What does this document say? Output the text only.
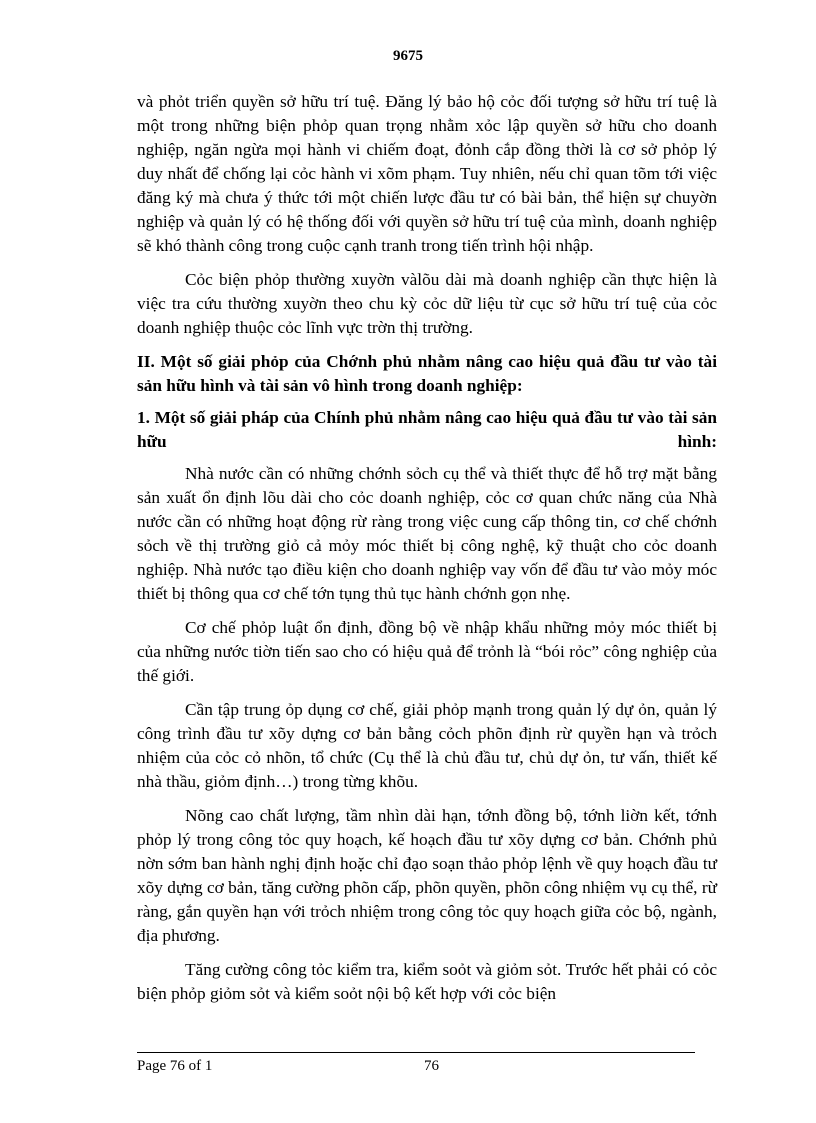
9675

và phỏt triển quyền sở hữu trí tuệ. Đăng lý bảo hộ cỏc đối tượng sở hữu trí tuệ là một trong những biện phỏp quan trọng nhằm xỏc lập quyền sở hữu cho doanh nghiệp, ngăn ngừa mọi hành vi chiếm đoạt, đỏnh cắp đồng thời là cơ sở phỏp lý duy nhất để chống lại cỏc hành vi xõm phạm. Tuy nhiên, nếu chỉ quan tõm tới việc đăng ký mà chưa ý thức tới một chiến lược đầu tư có bài bản, thể hiện sự chuyờn nghiệp và quản lý có hệ thống đối với quyền sở hữu trí tuệ của mình, doanh nghiệp sẽ khó thành công trong cuộc cạnh tranh trong tiến trình hội nhập.

Cỏc biện phỏp thường xuyờn vàlõu dài mà doanh nghiệp cần thực hiện là việc tra cứu thường xuyờn theo chu kỳ cỏc dữ liệu từ cục sở hữu trí tuệ của cỏc doanh nghiệp thuộc cỏc lĩnh vực trờn thị trường.

II. Một số giải phỏp của Chớnh phủ nhằm nâng cao hiệu quả đầu tư vào tài sản hữu hình và tài sản vô hình trong doanh nghiệp:
1. Một số giải pháp của Chính phủ nhằm nâng cao hiệu quả đầu tư vào tài sản hữu hình:

Nhà nước cần có những chớnh sỏch cụ thể và thiết thực để hỗ trợ mặt bằng sản xuất ổn định lõu dài cho cỏc doanh nghiệp, cỏc cơ quan chức năng của Nhà nước cần có những hoạt động rừ ràng trong việc cung cấp thông tin, cơ chế chớnh sỏch về thị trường giỏ cả mỏy móc thiết bị công nghệ, kỹ thuật cho cỏc doanh nghiệp. Nhà nước tạo điều kiện cho doanh nghiệp vay vốn để đầu tư vào mỏy móc thiết bị thông qua cơ chế tớn tụng thủ tục hành chớnh gọn nhẹ.

Cơ chế phỏp luật ổn định, đồng bộ về nhập khẩu những mỏy móc thiết bị của những nước tiờn tiến sao cho có hiệu quả để trỏnh là “bói rỏc” công nghiệp của thế giới.

Cần tập trung ỏp dụng cơ chế, giải phỏp mạnh trong quản lý dự ỏn, quản lý công trình đầu tư xõy dựng cơ bản bằng cỏch phõn định rừ quyền hạn và trỏch nhiệm của cỏc cỏ nhõn, tổ chức (Cụ thể là chủ đầu tư, chủ dự ỏn, tư vấn, thiết kế nhà thầu, giỏm định…) trong từng khõu.

Nõng cao chất lượng, tầm nhìn dài hạn, tớnh đồng bộ, tớnh liờn kết, tớnh phỏp lý trong công tỏc quy hoạch, kế hoạch đầu tư xõy dựng cơ bản. Chớnh phủ nờn sớm ban hành nghị định hoặc chỉ đạo soạn thảo phỏp lệnh về quy hoạch đầu tư xõy dựng cơ bản, tăng cường phõn cấp, phõn quyền, phõn công nhiệm vụ cụ thể, rừ ràng, gắn quyền hạn với trỏch nhiệm trong công tỏc quy hoạch giữa cỏc bộ, ngành, địa phương.

Tăng cường công tỏc kiểm tra, kiểm soỏt và giỏm sỏt. Trước hết phải có cỏc biện phỏp giỏm sỏt và kiểm soỏt nội bộ kết hợp với cỏc biện

Page 76 of 1	76
